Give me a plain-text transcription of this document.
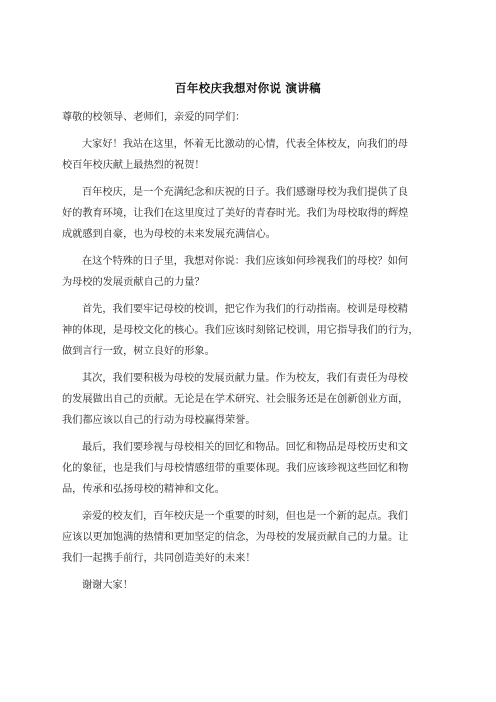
百年校庆我想对你说 演讲稿
尊敬的校领导、老师们，亲爱的同学们：
大家好！我站在这里，怀着无比激动的心情，代表全体校友，向我们的母
校百年校庆献上最热烈的祝贺！
百年校庆，是一个充满纪念和庆祝的日子。我们感谢母校为我们提供了良
好的教育环境，让我们在这里度过了美好的青春时光。我们为母校取得的辉煌
成就感到自豪，也为母校的未来发展充满信心。
在这个特殊的日子里，我想对你说：我们应该如何珍视我们的母校？如何
为母校的发展贡献自己的力量？
首先，我们要牢记母校的校训，把它作为我们的行动指南。校训是母校精
神的体现，是母校文化的核心。我们应该时刻铭记校训，用它指导我们的行为，
做到言行一致，树立良好的形象。
其次，我们要积极为母校的发展贡献力量。作为校友，我们有责任为母校
的发展做出自己的贡献。无论是在学术研究、社会服务还是在创新创业方面，
我们都应该以自己的行动为母校赢得荣誉。
最后，我们要珍视与母校相关的回忆和物品。回忆和物品是母校历史和文
化的象征，也是我们与母校情感纽带的重要体现。我们应该珍视这些回忆和物
品，传承和弘扬母校的精神和文化。
亲爱的校友们，百年校庆是一个重要的时刻，但也是一个新的起点。我们
应该以更加饱满的热情和更加坚定的信念，为母校的发展贡献自己的力量。让
我们一起携手前行，共同创造美好的未来！
谢谢大家！
